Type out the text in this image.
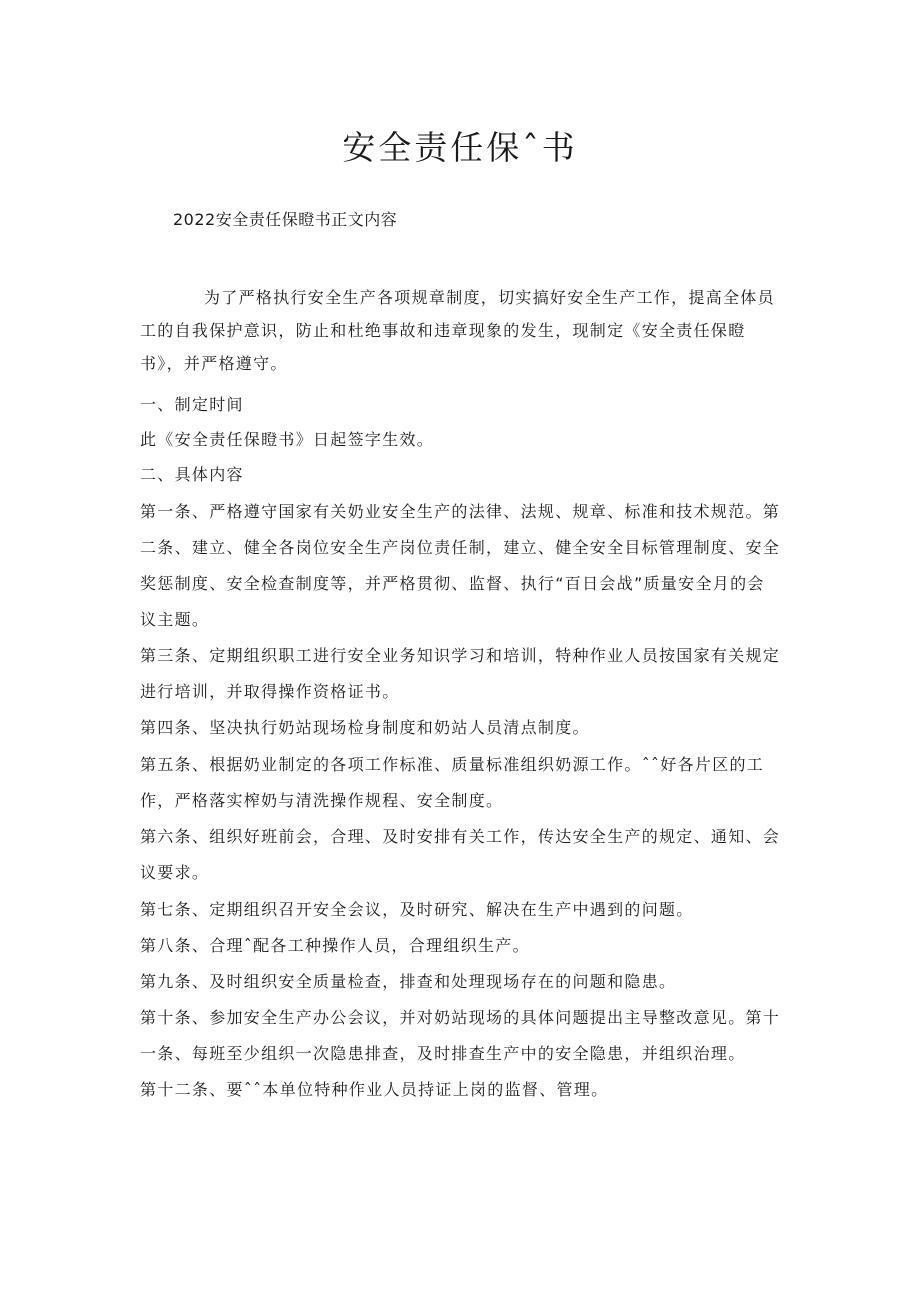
安全责任保ˆ书

2022安全责任保瞪书正文内容

为了严格执行安全生产各项规章制度，切实搞好安全生产工作，提高全体员工的自我保护意识，防止和杜绝事故和违章现象的发生，现制定《安全责任保瞪书》，并严格遵守。

一、制定时间

此《安全责任保瞪书》日起签字生效。

二、具体内容

第一条、严格遵守国家有关奶业安全生产的法律、法规、规章、标准和技术规范。第

二条、建立、健全各岗位安全生产岗位责任制，建立、健全安全目标管理制度、安全

奖惩制度、安全检查制度等，并严格贯彻、监督、执行“百日会战”质量安全月的会

议主题。

第三条、定期组织职工进行安全业务知识学习和培训，特种作业人员按国家有关规定

进行培训，并取得操作资格证书。

第四条、坚决执行奶站现场检身制度和奶站人员清点制度。

第五条、根据奶业制定的各项工作标准、质量标准组织奶源工作。ˆˆ好各片区的工

作，严格落实榨奶与清洗操作规程、安全制度。

第六条、组织好班前会，合理、及时安排有关工作，传达安全生产的规定、通知、会

议要求。

第七条、定期组织召开安全会议，及时研究、解决在生产中遇到的问题。

第八条、合理ˆ配各工种操作人员，合理组织生产。

第九条、及时组织安全质量检查，排查和处理现场存在的问题和隐患。

第十条、参加安全生产办公会议，并对奶站现场的具体问题提出主导整改意见。第十

一条、每班至少组织一次隐患排查，及时排查生产中的安全隐患，并组织治理。

第十二条、要ˆˆ本单位特种作业人员持证上岗的监督、管理。
